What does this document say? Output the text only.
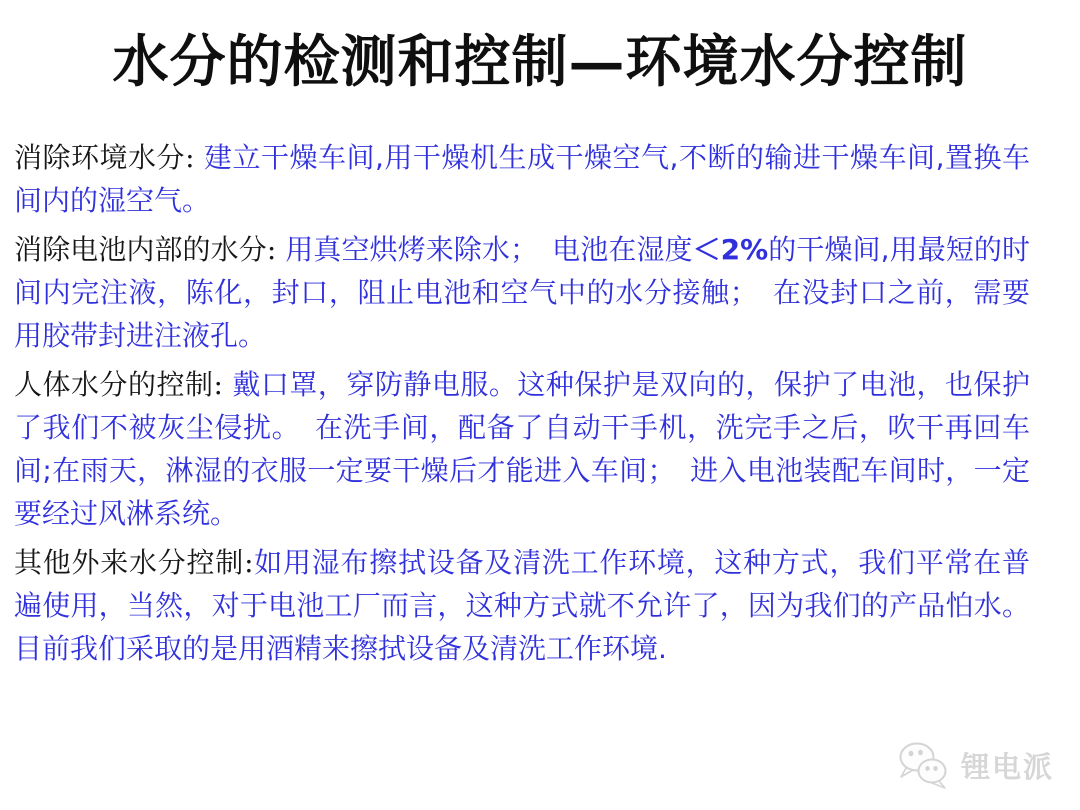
水分的检测和控制—环境水分控制

消除环境水分: 建立干燥车间,用干燥机生成干燥空气,不断的输进干燥车间,置换车间内的湿空气。

消除电池内部的水分: 用真空烘烤来除水；　电池在湿度＜2%的干燥间,用最短的时间内完注液，陈化，封口，阻止电池和空气中的水分接触；　在没封口之前，需要用胶带封进注液孔。

人体水分的控制: 戴口罩，穿防静电服。这种保护是双向的，保护了电池，也保护了我们不被灰尘侵扰。　在洗手间，配备了自动干手机，洗完手之后，吹干再回车间;在雨天，淋湿的衣服一定要干燥后才能进入车间；　进入电池装配车间时，一定要经过风淋系统。

其他外来水分控制:如用湿布擦拭设备及清洗工作环境，这种方式，我们平常在普遍使用，当然，对于电池工厂而言，这种方式就不允许了，因为我们的产品怕水。目前我们采取的是用酒精来擦拭设备及清洗工作环境.

锂电派
